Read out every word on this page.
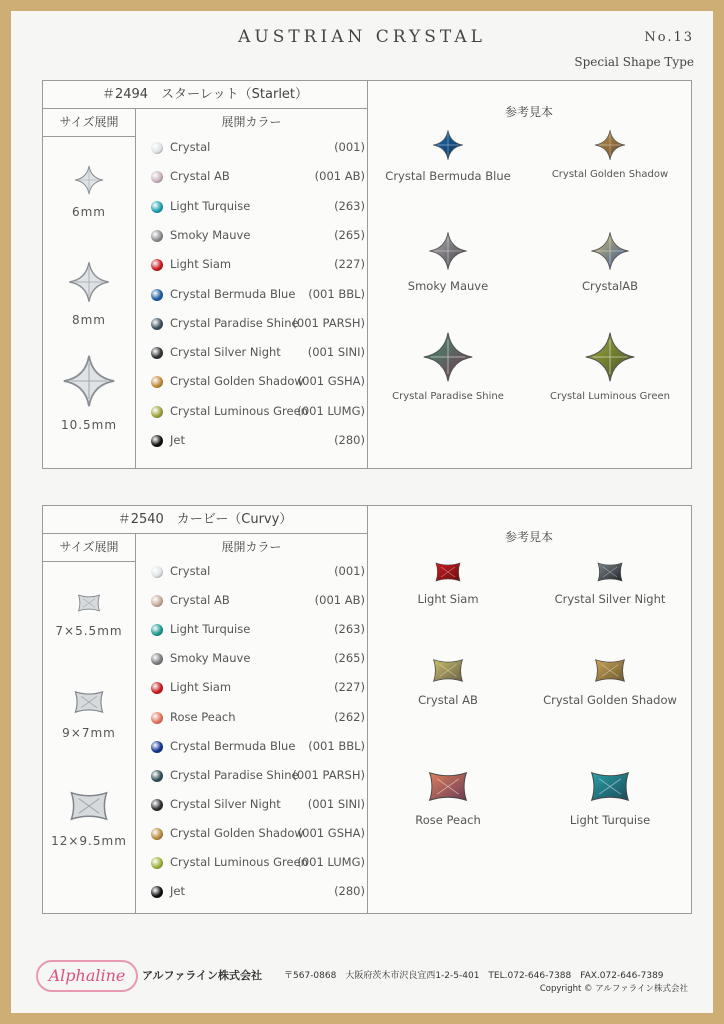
AUSTRIAN CRYSTAL	No.13
Special Shape Type
＃2494　スターレット（Starlet）
サイズ展開	展開カラー
6mm
8mm
10.5mm
Crystal	(001)
Crystal AB	(001 AB)
Light Turquise	(263)
Smoky Mauve	(265)
Light Siam	(227)
Crystal Bermuda Blue (001 BBL)
Crystal Paradise Shine
(001 PARSH)
Crystal Silver Night (001 SINI)
Crystal Golden Shadow
(001 GSHA)
Crystal Luminous Green
(001 LUMG)
Jet	(280)
参考見本
Crystal Bermuda Blue	Crystal Golden Shadow
Smoky Mauve	CrystalAB
Crystal Paradise Shine	Crystal Luminous Green
＃2540　カービー（Curvy）
サイズ展開	展開カラー
7×5.5mm
9×7mm
12×9.5mm
Crystal	(001)
Crystal AB	(001 AB)
Light Turquise	(263)
Smoky Mauve	(265)
Light Siam	(227)
Rose Peach	(262)
Crystal Bermuda Blue (001 BBL)
Crystal Paradise Shine
(001 PARSH)
Crystal Silver Night (001 SINI)
Crystal Golden Shadow
(001 GSHA)
Crystal Luminous Green
(001 LUMG)
Jet	(280)
参考見本
Light Siam	Crystal Silver Night
Crystal AB	Crystal Golden Shadow
Rose Peach	Light Turquise
Alphaline	アルファライン株式会社 〒567-0868　大阪府茨木市沢良宜西1-2-5-401　TEL.072-646-7388　FAX.072-646-7389
Copyright © アルファライン株式会社
